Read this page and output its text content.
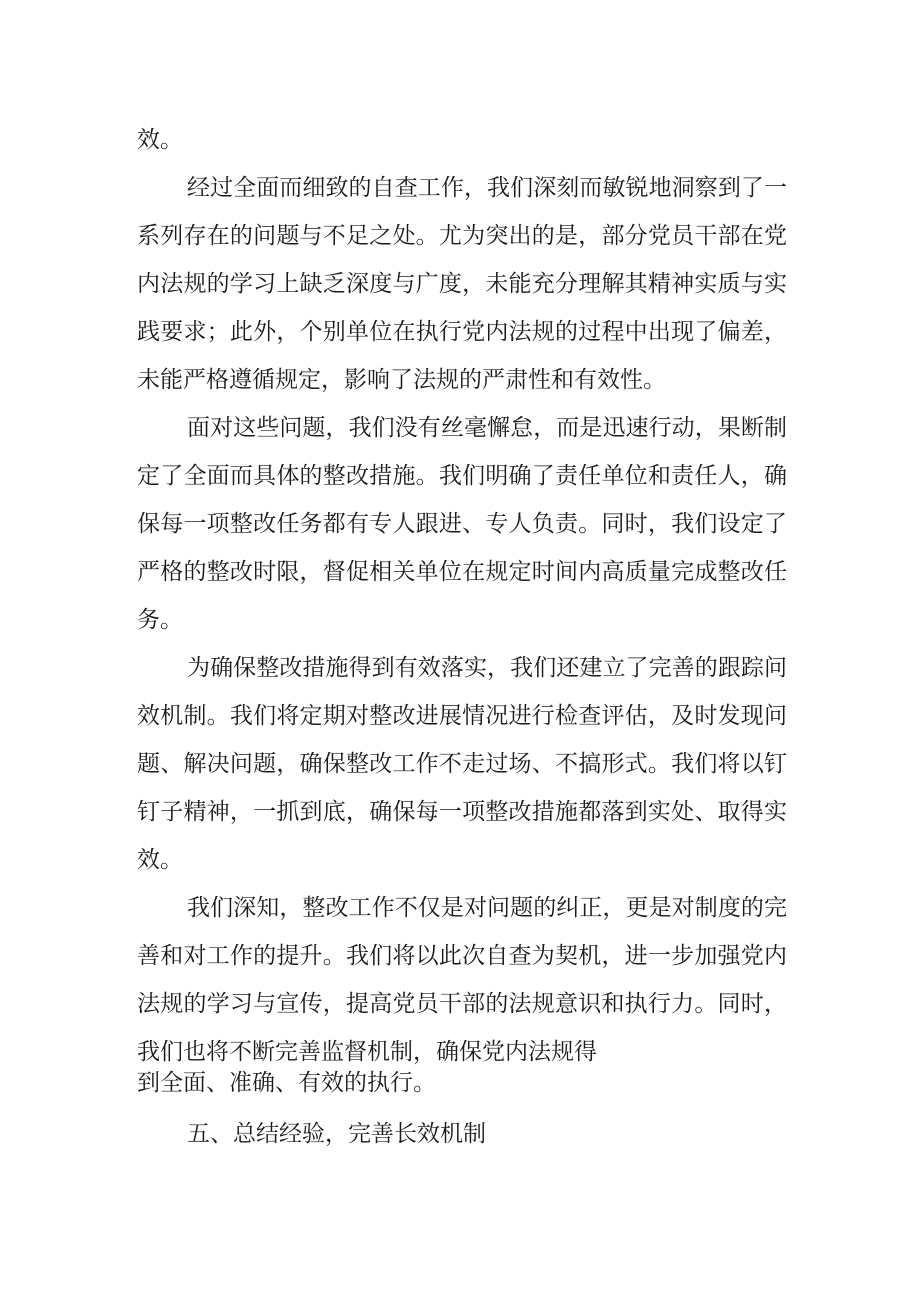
效。
经过全面而细致的自查工作，我们深刻而敏锐地洞察到了一
系列存在的问题与不足之处。尤为突出的是，部分党员干部在党
内法规的学习上缺乏深度与广度，未能充分理解其精神实质与实
践要求；此外，个别单位在执行党内法规的过程中出现了偏差，
未能严格遵循规定，影响了法规的严肃性和有效性。
面对这些问题，我们没有丝毫懈怠，而是迅速行动，果断制
定了全面而具体的整改措施。我们明确了责任单位和责任人，确
保每一项整改任务都有专人跟进、专人负责。同时，我们设定了
严格的整改时限，督促相关单位在规定时间内高质量完成整改任
务。
为确保整改措施得到有效落实，我们还建立了完善的跟踪问
效机制。我们将定期对整改进展情况进行检查评估，及时发现问
题、解决问题，确保整改工作不走过场、不搞形式。我们将以钉
钉子精神，一抓到底，确保每一项整改措施都落到实处、取得实
效。
我们深知，整改工作不仅是对问题的纠正，更是对制度的完
善和对工作的提升。我们将以此次自查为契机，进一步加强党内
法规的学习与宣传，提高党员干部的法规意识和执行力。同时，
我们也将不断完善监督机制，确保党内法规得
到全面、准确、有效的执行。
五、总结经验，完善长效机制
